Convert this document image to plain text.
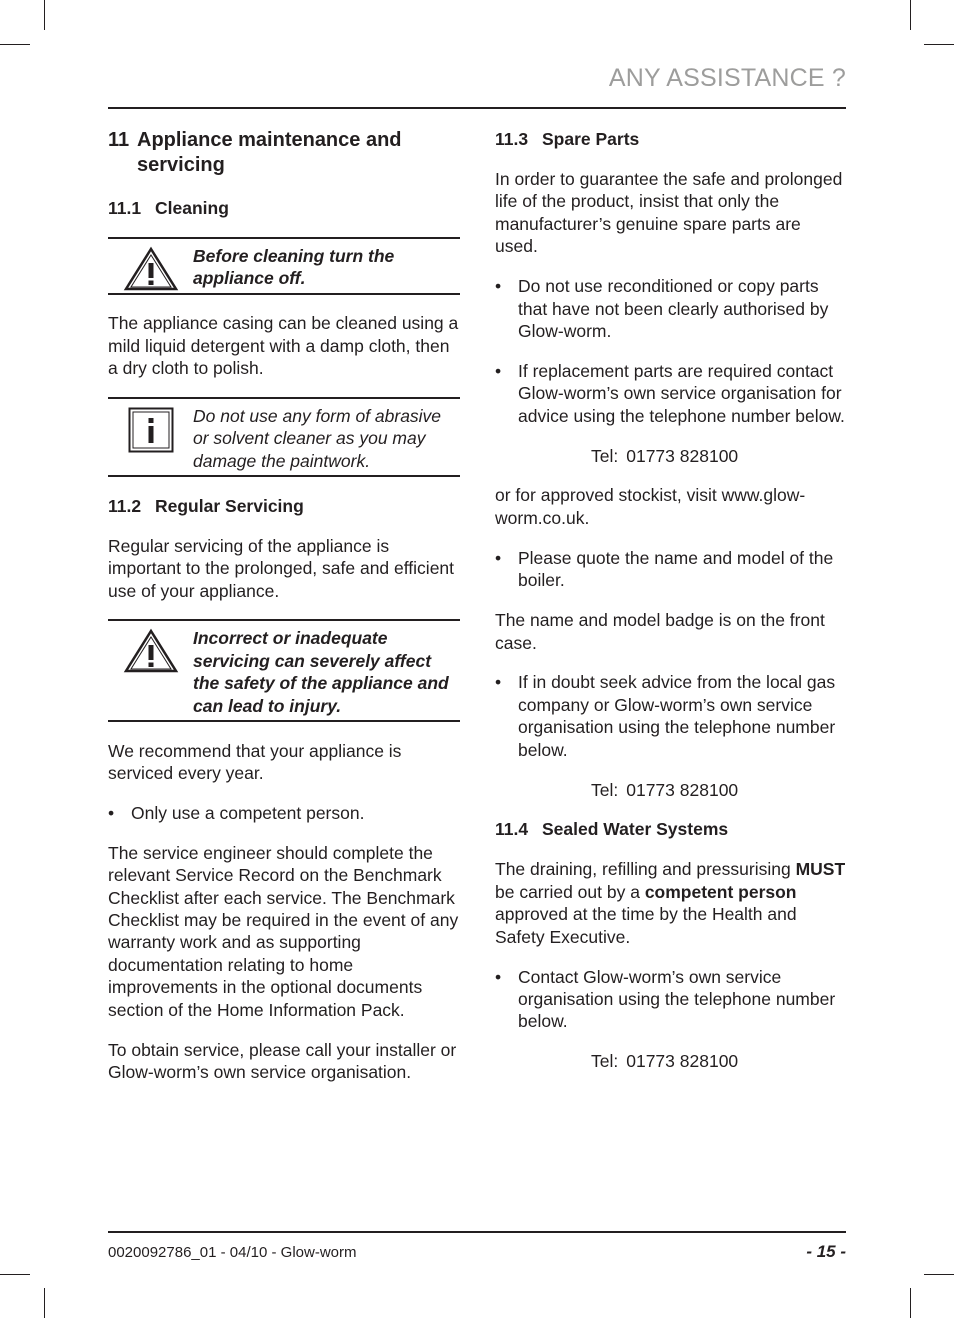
ANY ASSISTANCE ?
11 Appliance maintenance and servicing
11.1 Cleaning
Before cleaning turn the appliance off.
The appliance casing can be cleaned using a mild liquid detergent with a damp cloth, then a dry cloth to polish.
Do not use any form of abrasive or solvent cleaner as you may damage the paintwork.
11.2 Regular Servicing
Regular servicing of the appliance is important to the prolonged, safe and efficient use of your appliance.
Incorrect or inadequate servicing can severely affect the safety of the appliance and can lead to injury.
We recommend that your appliance is serviced every year.
• Only use a competent person.
The service engineer should complete the relevant Service Record on the Benchmark Checklist after each service. The Benchmark Checklist may be required in the event of any warranty work and as supporting documentation relating to home improvements in the optional documents section of the Home Information Pack.
To obtain service, please call your installer or Glow-worm’s own service organisation.
11.3 Spare Parts
In order to guarantee the safe and prolonged life of the product, insist that only the manufacturer’s genuine spare parts are used.
• Do not use reconditioned or copy parts that have not been clearly authorised by Glow-worm.
• If replacement parts are required contact Glow-worm’s own service organisation for advice using the telephone number below.
Tel: 01773 828100
or for approved stockist, visit www.glow-worm.co.uk.
• Please quote the name and model of the boiler.
The name and model badge is on the front case.
• If in doubt seek advice from the local gas company or Glow-worm’s own service organisation using the telephone number below.
Tel: 01773 828100
11.4 Sealed Water Systems
The draining, refilling and pressurising MUST be carried out by a competent person approved at the time by the Health and Safety Executive.
• Contact Glow-worm’s own service organisation using the telephone number below.
Tel: 01773 828100
0020092786_01 - 04/10 - Glow-worm	- 15 -
